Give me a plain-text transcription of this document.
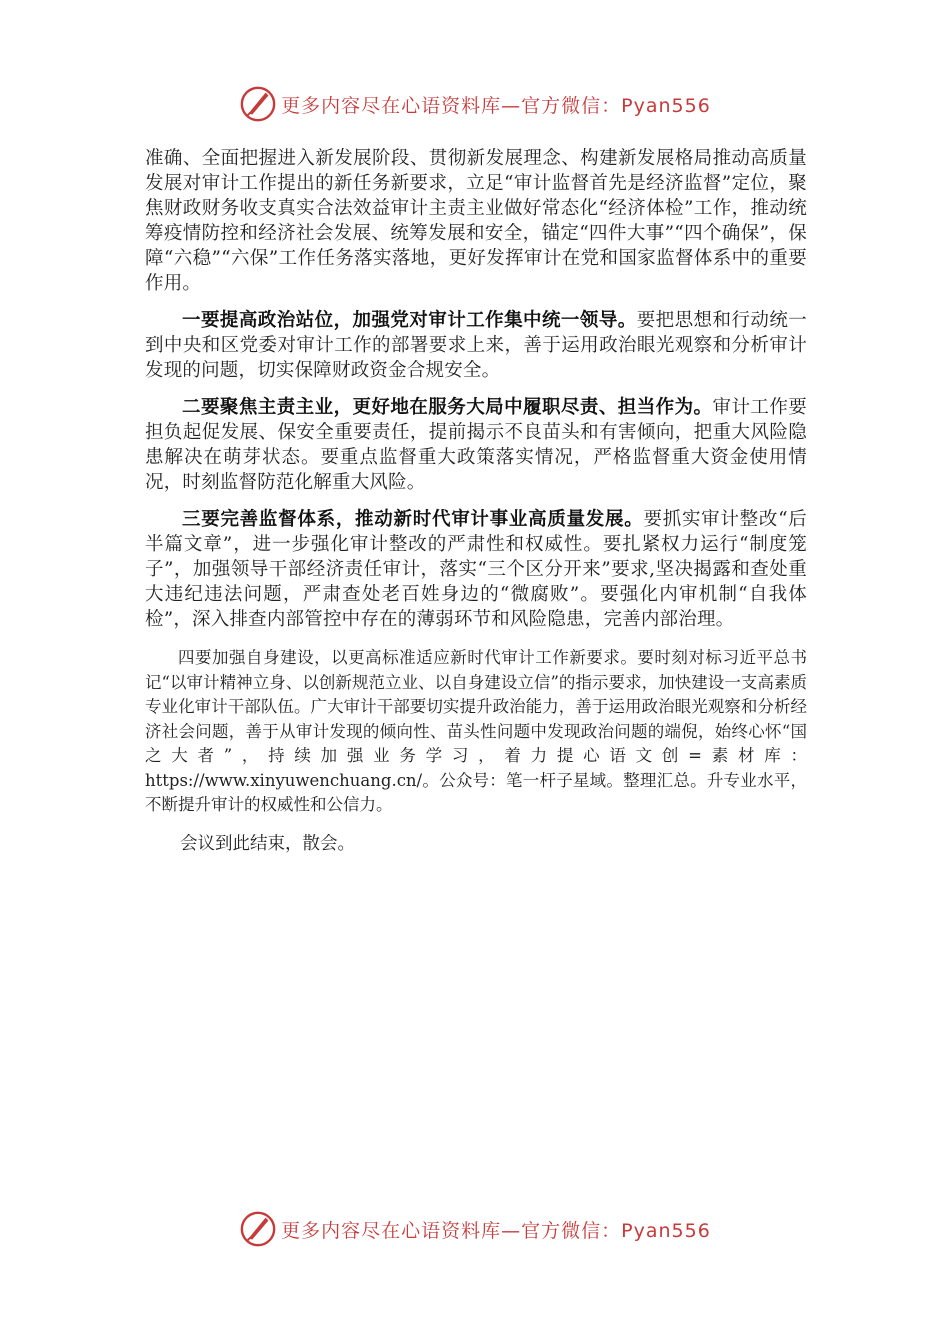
更多内容尽在心语资料库—官方微信：Pyan556

准确、全面把握进入新发展阶段、贯彻新发展理念、构建新发展格局推动高质量发展对审计工作提出的新任务新要求，立足“审计监督首先是经济监督”定位，聚焦财政财务收支真实合法效益审计主责主业做好常态化“经济体检”工作，推动统筹疫情防控和经济社会发展、统筹发展和安全，锚定“四件大事”“四个确保”，保障“六稳”“六保”工作任务落实落地，更好发挥审计在党和国家监督体系中的重要作用。

一要提高政治站位，加强党对审计工作集中统一领导。要把思想和行动统一到中央和区党委对审计工作的部署要求上来，善于运用政治眼光观察和分析审计发现的问题，切实保障财政资金合规安全。

二要聚焦主责主业，更好地在服务大局中履职尽责、担当作为。审计工作要担负起促发展、保安全重要责任，提前揭示不良苗头和有害倾向，把重大风险隐患解决在萌芽状态。要重点监督重大政策落实情况，严格监督重大资金使用情况，时刻监督防范化解重大风险。

三要完善监督体系，推动新时代审计事业高质量发展。要抓实审计整改“后半篇文章”，进一步强化审计整改的严肃性和权威性。要扎紧权力运行“制度笼子”，加强领导干部经济责任审计，落实“三个区分开来”要求,坚决揭露和查处重大违纪违法问题，严肃查处老百姓身边的“微腐败”。要强化内审机制“自我体检”，深入排查内部管控中存在的薄弱环节和风险隐患，完善内部治理。

四要加强自身建设，以更高标准适应新时代审计工作新要求。要时刻对标习近平总书记“以审计精神立身、以创新规范立业、以自身建设立信”的指示要求，加快建设一支高素质专业化审计干部队伍。广大审计干部要切实提升政治能力，善于运用政治眼光观察和分析经济社会问题，善于从审计发现的倾向性、苗头性问题中发现政治问题的端倪，始终心怀“国之大者”，持续加强业务学习，着力提心语文创=素材库：https://www.xinyuwenchuang.cn/。公众号：笔一杆子星域。整理汇总。升专业水平，不断提升审计的权威性和公信力。

会议到此结束，散会。

更多内容尽在心语资料库—官方微信：Pyan556
